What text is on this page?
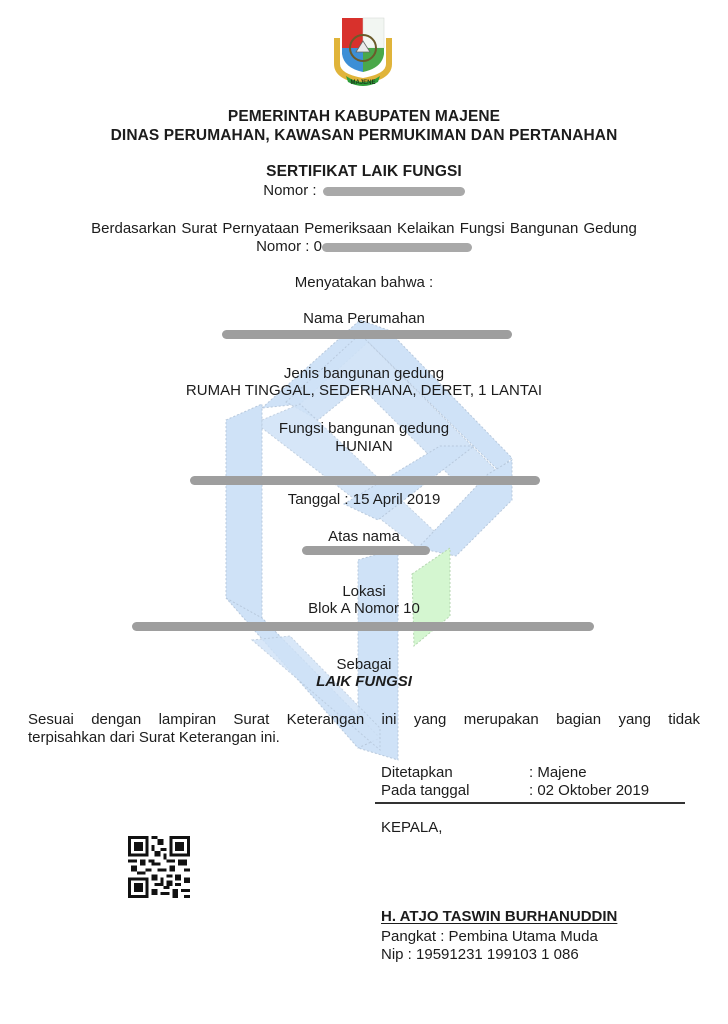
MAJENE
PEMERINTAH KABUPATEN MAJENE
DINAS PERUMAHAN, KAWASAN PERMUKIMAN DAN PERTANAHAN
SERTIFIKAT LAIK FUNGSI
Nomor :
Berdasarkan Surat Pernyataan Pemeriksaan Kelaikan Fungsi Bangunan Gedung
Nomor : 0
Menyatakan bahwa :
Nama Perumahan
Jenis bangunan gedung
RUMAH TINGGAL, SEDERHANA, DERET, 1 LANTAI
Fungsi bangunan gedung
HUNIAN
Tanggal : 15 April 2019
Atas nama
Lokasi
Blok A Nomor 10
Sebagai
LAIK FUNGSI
Sesuai dengan lampiran Surat Keterangan ini yang merupakan bagian yang tidak
terpisahkan dari Surat Keterangan ini.
Ditetapkan	: Majene
Pada tanggal	: 02 Oktober 2019
KEPALA,
H. ATJO TASWIN BURHANUDDIN
Pangkat : Pembina Utama Muda
Nip : 19591231 199103 1 086
